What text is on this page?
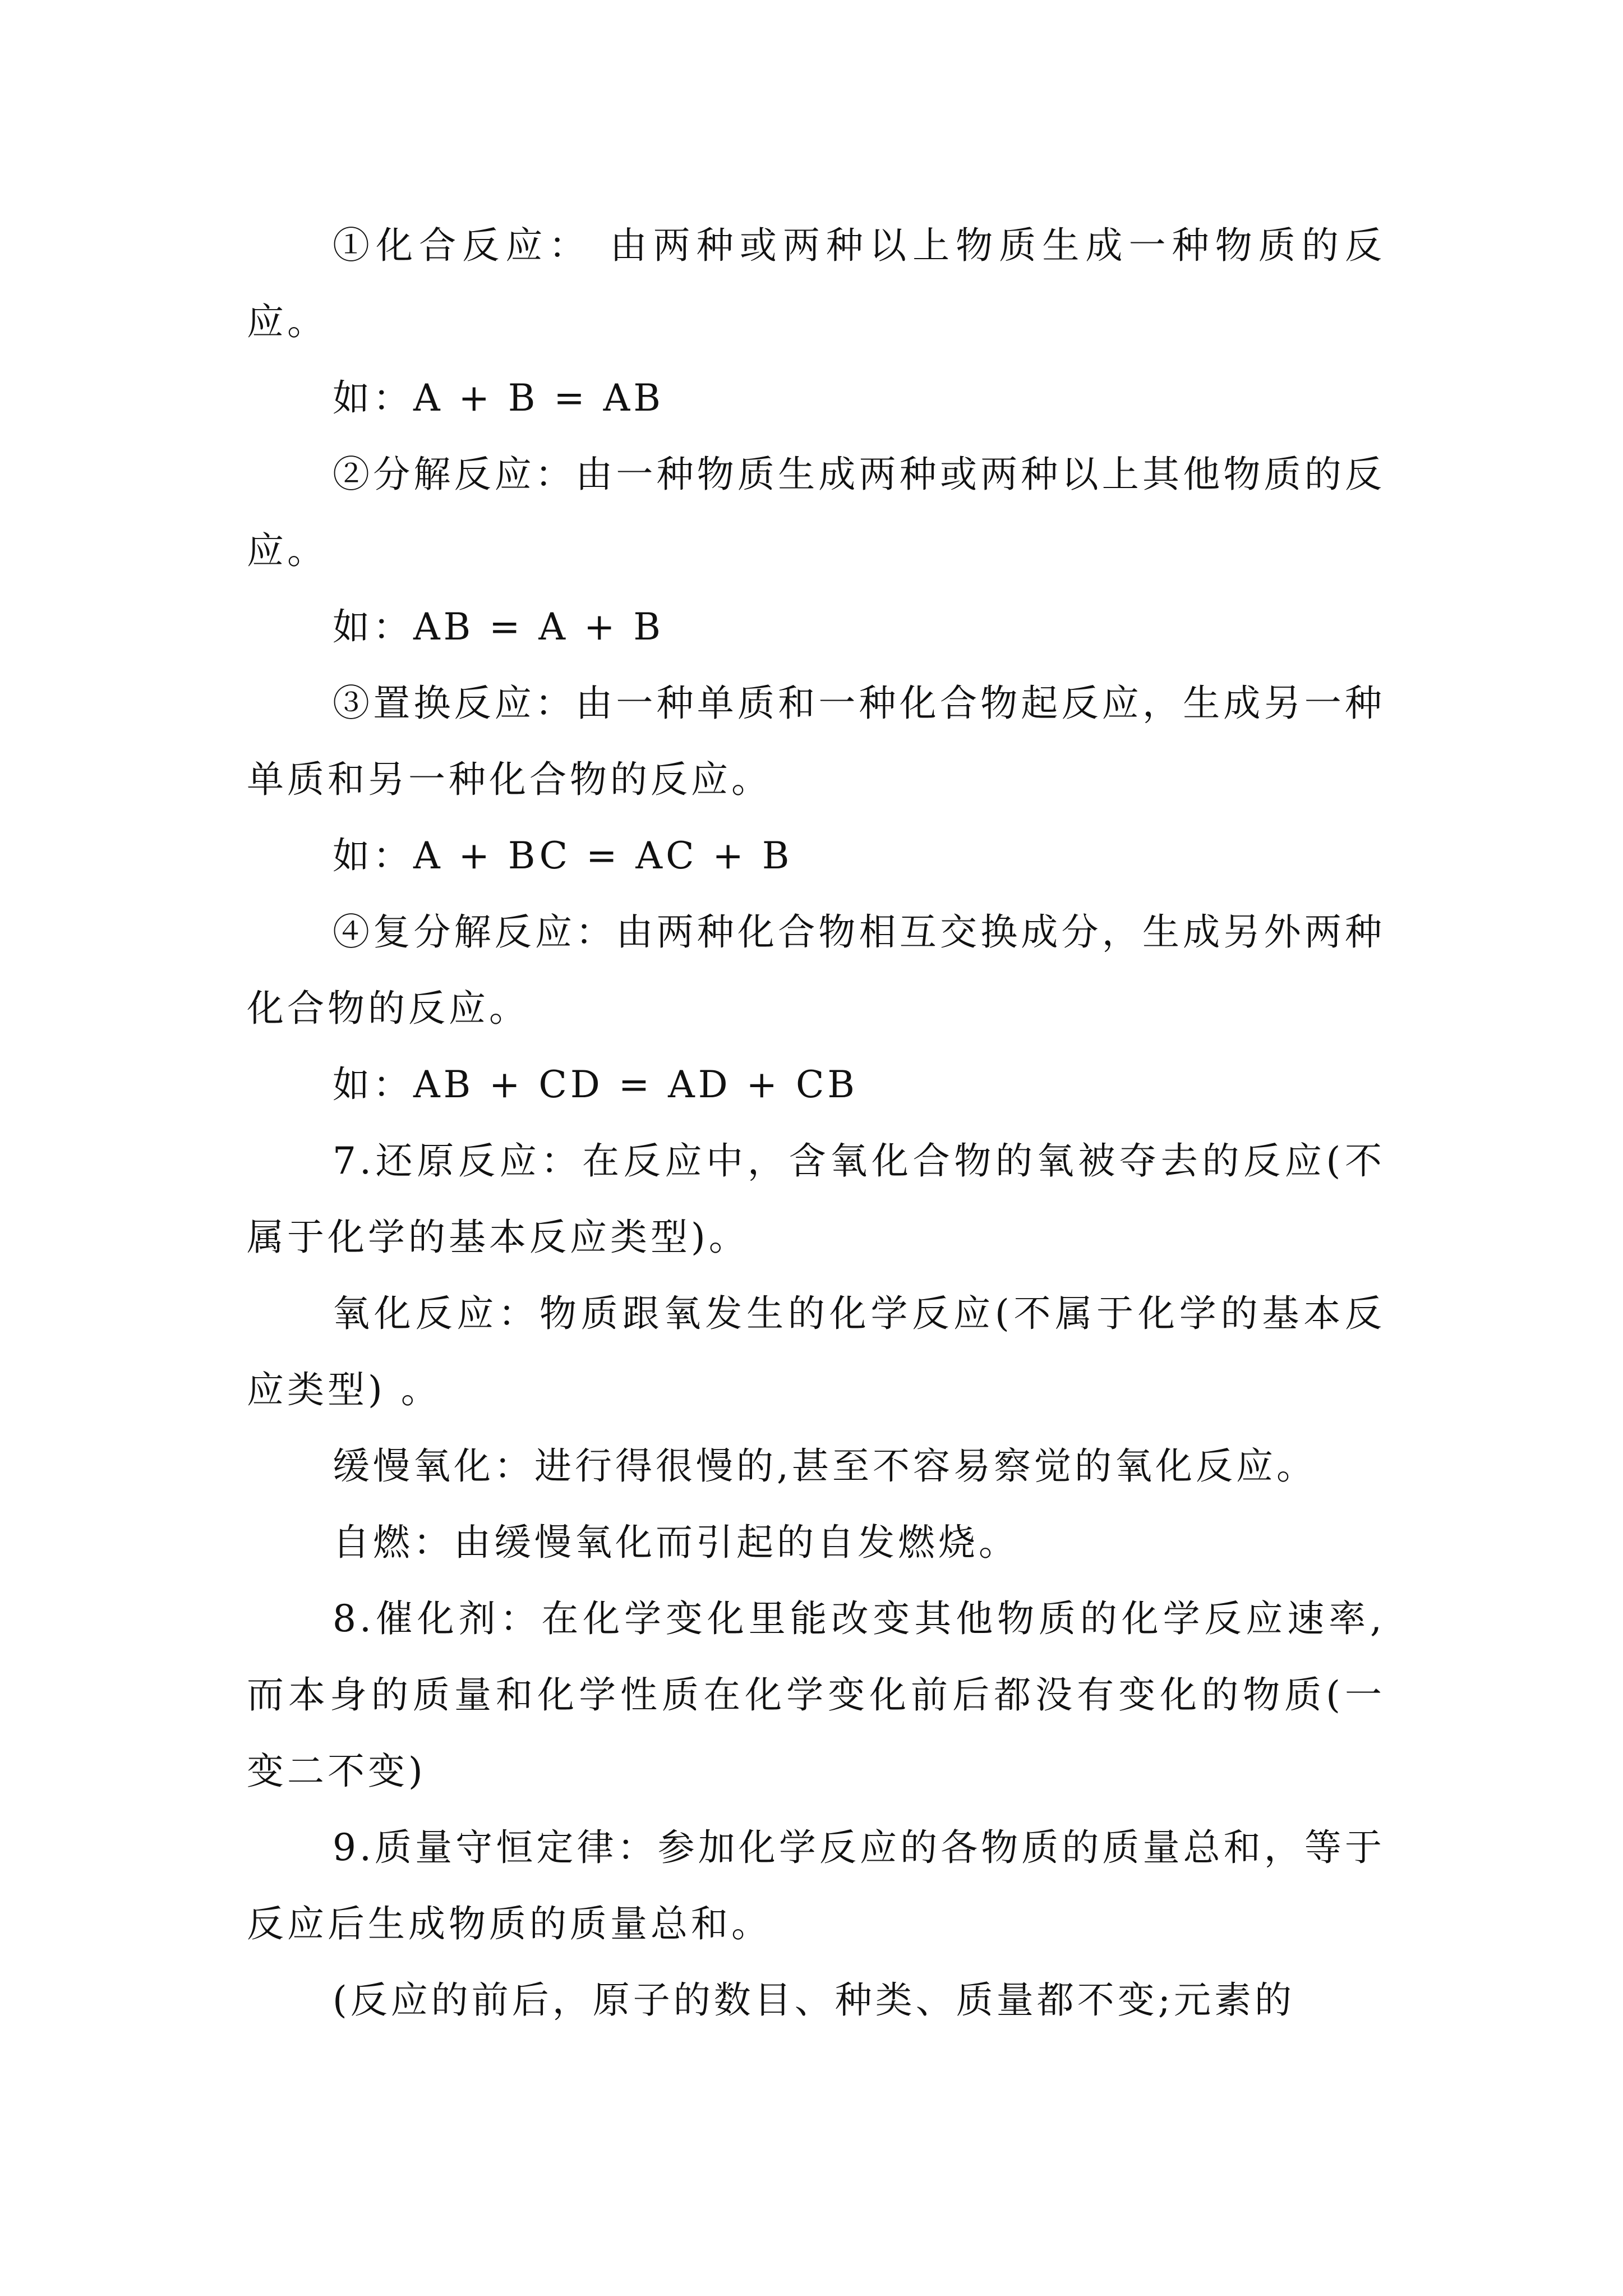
①化合反应： 由两种或两种以上物质生成一种物质的反应。

如：A + B = AB

②分解反应：由一种物质生成两种或两种以上其他物质的反应。

如：AB = A + B

③置换反应：由一种单质和一种化合物起反应，生成另一种单质和另一种化合物的反应。

如：A + BC = AC + B

④复分解反应：由两种化合物相互交换成分，生成另外两种化合物的反应。

如：AB + CD = AD + CB

7.还原反应：在反应中，含氧化合物的氧被夺去的反应(不属于化学的基本反应类型)。

氧化反应：物质跟氧发生的化学反应(不属于化学的基本反应类型) 。

缓慢氧化：进行得很慢的,甚至不容易察觉的氧化反应。

自燃：由缓慢氧化而引起的自发燃烧。

8.催化剂：在化学变化里能改变其他物质的化学反应速率,而本身的质量和化学性质在化学变化前后都没有变化的物质(一变二不变)

9.质量守恒定律：参加化学反应的各物质的质量总和，等于反应后生成物质的质量总和。

(反应的前后，原子的数目、种类、质量都不变;元素的
